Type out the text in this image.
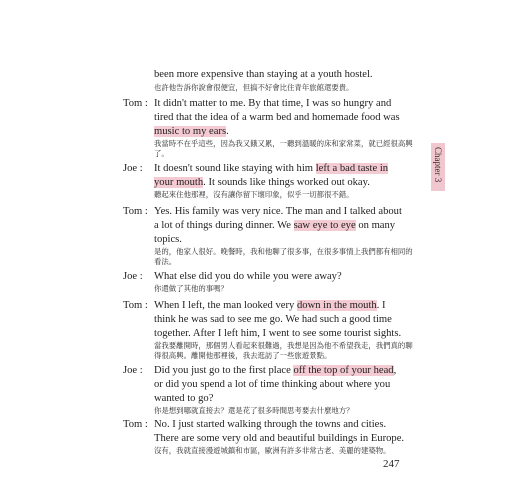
been more expensive than staying at a youth hostel.
也許他告訴你說會很便宜，但搞不好會比住青年旅館還要貴。
Tom : It didn't matter to me. By that time, I was so hungry and
tired that the idea of a warm bed and homemade food was
music to my ears.
我當時不在乎這些，因為我又餓又累，一聽到溫暖的床和家常菜，就已經很高興
了。
Joe : It doesn't sound like staying with him left a bad taste in
your mouth. It sounds like things worked out okay.
聽起來住他那裡，沒有讓你留下壞印象，似乎一切都很不錯。
Tom : Yes. His family was very nice. The man and I talked about
a lot of things during dinner. We saw eye to eye on many
topics.
是的，他家人很好。晚餐時，我和他聊了很多事，在很多事情上我們都有相同的
看法。
Joe : What else did you do while you were away?
你還做了其他的事嗎？
Tom : When I left, the man looked very down in the mouth. I
think he was sad to see me go. We had such a good time
together. After I left him, I went to see some tourist sights.
當我要離開時，那個男人看起來很難過，我想是因為他不希望我走，我們真的聊
得很高興。離開他那裡後，我去逛訪了一些旅遊景點。
Joe : Did you just go to the first place off the top of your head,
or did you spend a lot of time thinking about where you
wanted to go?
你是想到哪就直接去？還是花了很多時間思考要去什麼地方？
Tom : No. I just started walking through the towns and cities.
There are some very old and beautiful buildings in Europe.
沒有，我就直接漫遊城鎮和市區，歐洲有許多非常古老、美麗的建築物。
Chapter 3
247
